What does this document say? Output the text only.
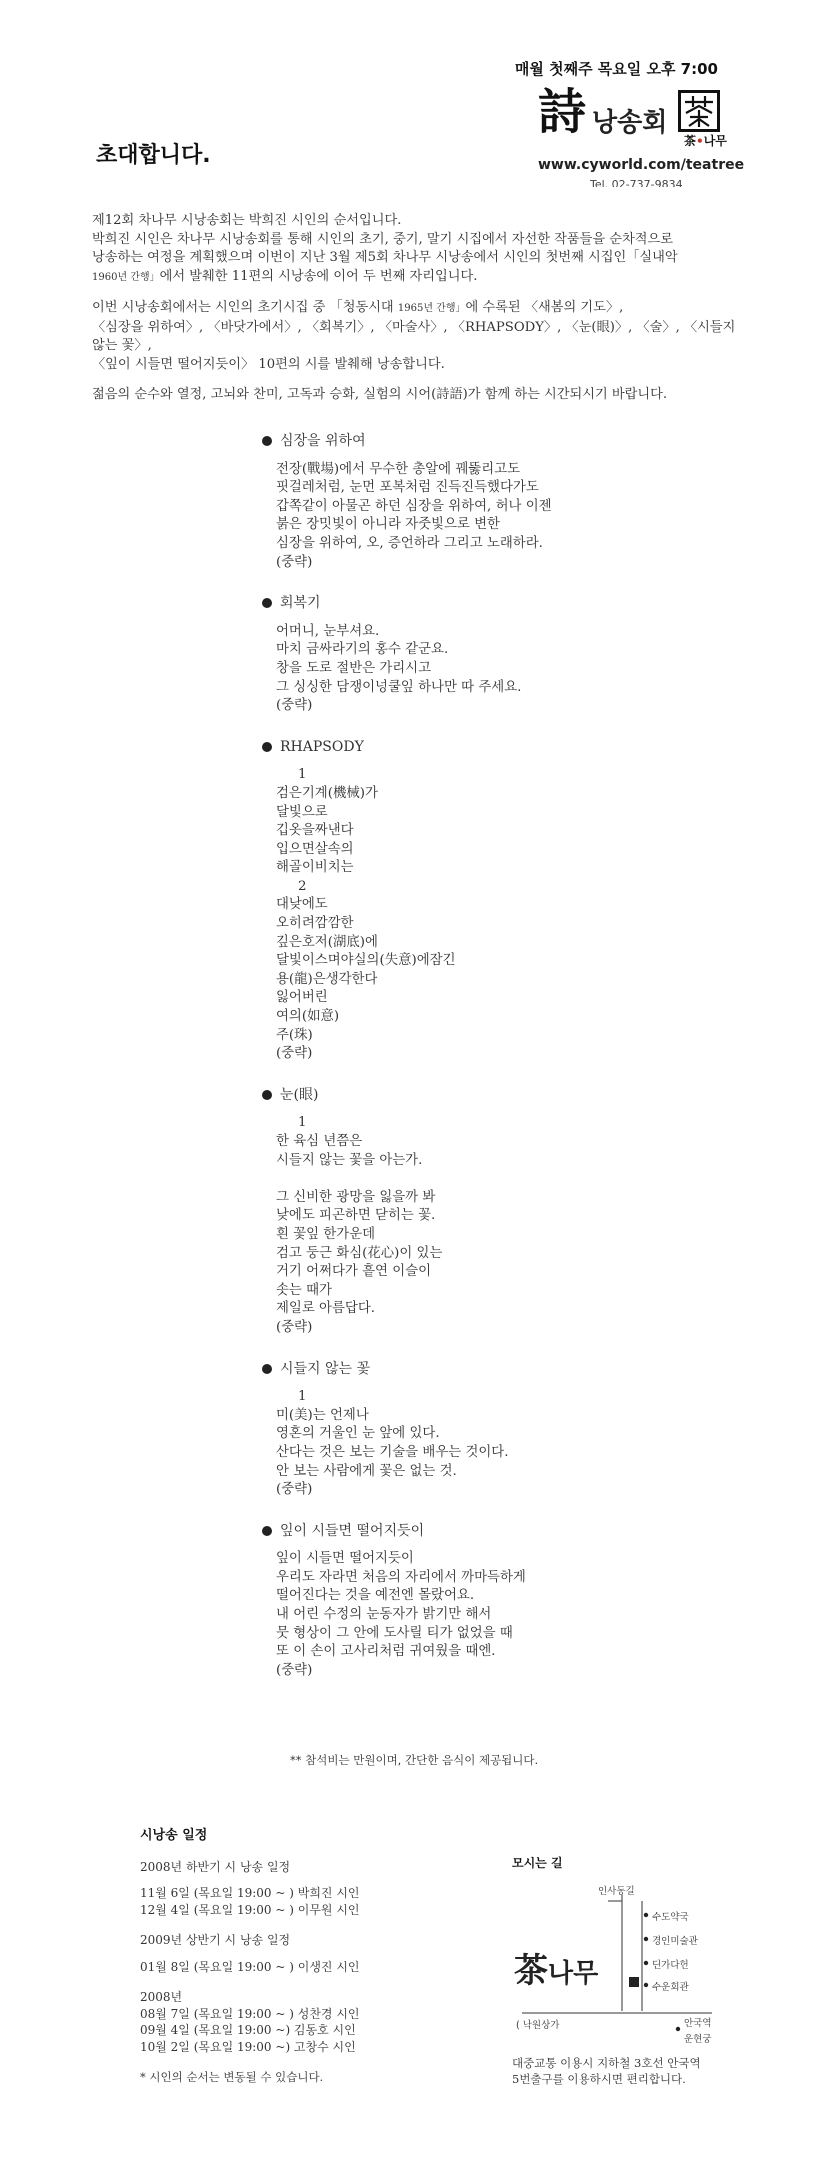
매월 첫째주 목요일 오후 7:00
詩 낭송회
茶•나무
www.cyworld.com/teatree
Tel. 02-737-9834
초대합니다.

제12회 차나무 시낭송회는 박희진 시인의 순서입니다.
박희진 시인은 차나무 시낭송회를 통해 시인의 초기, 중기, 말기 시집에서 자선한 작품들을 순차적으로
낭송하는 여정을 계획했으며 이번이 지난 3월 제5회 차나무 시낭송에서 시인의 첫번째 시집인「실내악
1960년 간행」에서 발췌한 11편의 시낭송에 이어 두 번째 자리입니다.

이번 시낭송회에서는 시인의 초기시집 중 「청동시대 1965년 간행」에 수록된 〈새봄의 기도〉,
〈심장을 위하여〉, 〈바닷가에서〉, 〈회복기〉, 〈마술사〉, 〈RHAPSODY〉, 〈눈(眼)〉, 〈술〉, 〈시들지 않는 꽃〉,
〈잎이 시들면 떨어지듯이〉 10편의 시를 발췌해 낭송합니다.

젊음의 순수와 열정, 고뇌와 찬미, 고독과 승화, 실험의 시어(詩語)가 함께 하는 시간되시기 바랍니다.

심장을 위하여
전장(戰場)에서 무수한 총알에 꿰뚫리고도
핏걸레처럼, 눈먼 포복처럼 진득진득했다가도
갑쪽같이 아물곤 하던 심장을 위하여, 허나 이젠
붉은 장밋빛이 아니라 자줏빛으로 변한
심장을 위하여, 오, 증언하라 그리고 노래하라.
(중략)
회복기
어머니, 눈부셔요.
마치 금싸라기의 홍수 같군요.
창을 도로 절반은 가리시고
그 싱싱한 담쟁이넝쿨잎 하나만 따 주세요.
(중략)
RHAPSODY
1
검은기계(機械)가
달빛으로
깁옷을짜낸다
입으면살속의
해골이비치는
2
대낮에도
오히려깜깜한
깊은호저(湖底)에
달빛이스며야실의(失意)에잠긴
용(龍)은생각한다
잃어버린
여의(如意)
주(珠)
(중략)
눈(眼)
1
한 육심 년쯤은
시들지 않는 꽃을 아는가.
그 신비한 광망을 잃을까 봐
낮에도 피곤하면 닫히는 꽃.
흰 꽃잎 한가운데
검고 둥근 화심(花心)이 있는
거기 어쩌다가 흩연 이슬이
솟는 때가
제일로 아름답다.
(중략)
시들지 않는 꽃
1
미(美)는 언제나
영혼의 거울인 눈 앞에 있다.
산다는 것은 보는 기술을 배우는 것이다.
안 보는 사람에게 꽃은 없는 것.
(중략)
잎이 시들면 떨어지듯이
잎이 시들면 떨어지듯이
우리도 자라면 처음의 자리에서 까마득하게
떨어진다는 것을 예전엔 몰랐어요.
내 어린 수정의 눈동자가 밝기만 해서
뭇 형상이 그 안에 도사릴 티가 없었을 때
또 이 손이 고사리처럼 귀여웠을 때엔.
(중략)
** 참석비는 만원이며, 간단한 음식이 제공됩니다.
시낭송 일정
2008년 하반기 시 낭송 일정
11월 6일 (목요일 19:00 ~ ) 박희진 시인
12월 4일 (목요일 19:00 ~ ) 이무원 시인
2009년 상반기 시 낭송 일정
01월 8일 (목요일 19:00 ~ ) 이생진 시인
2008년
08월 7일 (목요일 19:00 ~ ) 성찬경 시인
09월 4일 (목요일 19:00 ~) 김동호 시인
10월 2일 (목요일 19:00 ~) 고창수 시인
* 시인의 순서는 변동될 수 있습니다.
모시는 길
인사동길
수도약국
경인미술관
딘가다헌
수운회관
안국역
운현궁
( 낙원상가
茶나무
대중교통 이용시 지하철 3호선 안국역
5번출구를 이용하시면 편리합니다.
